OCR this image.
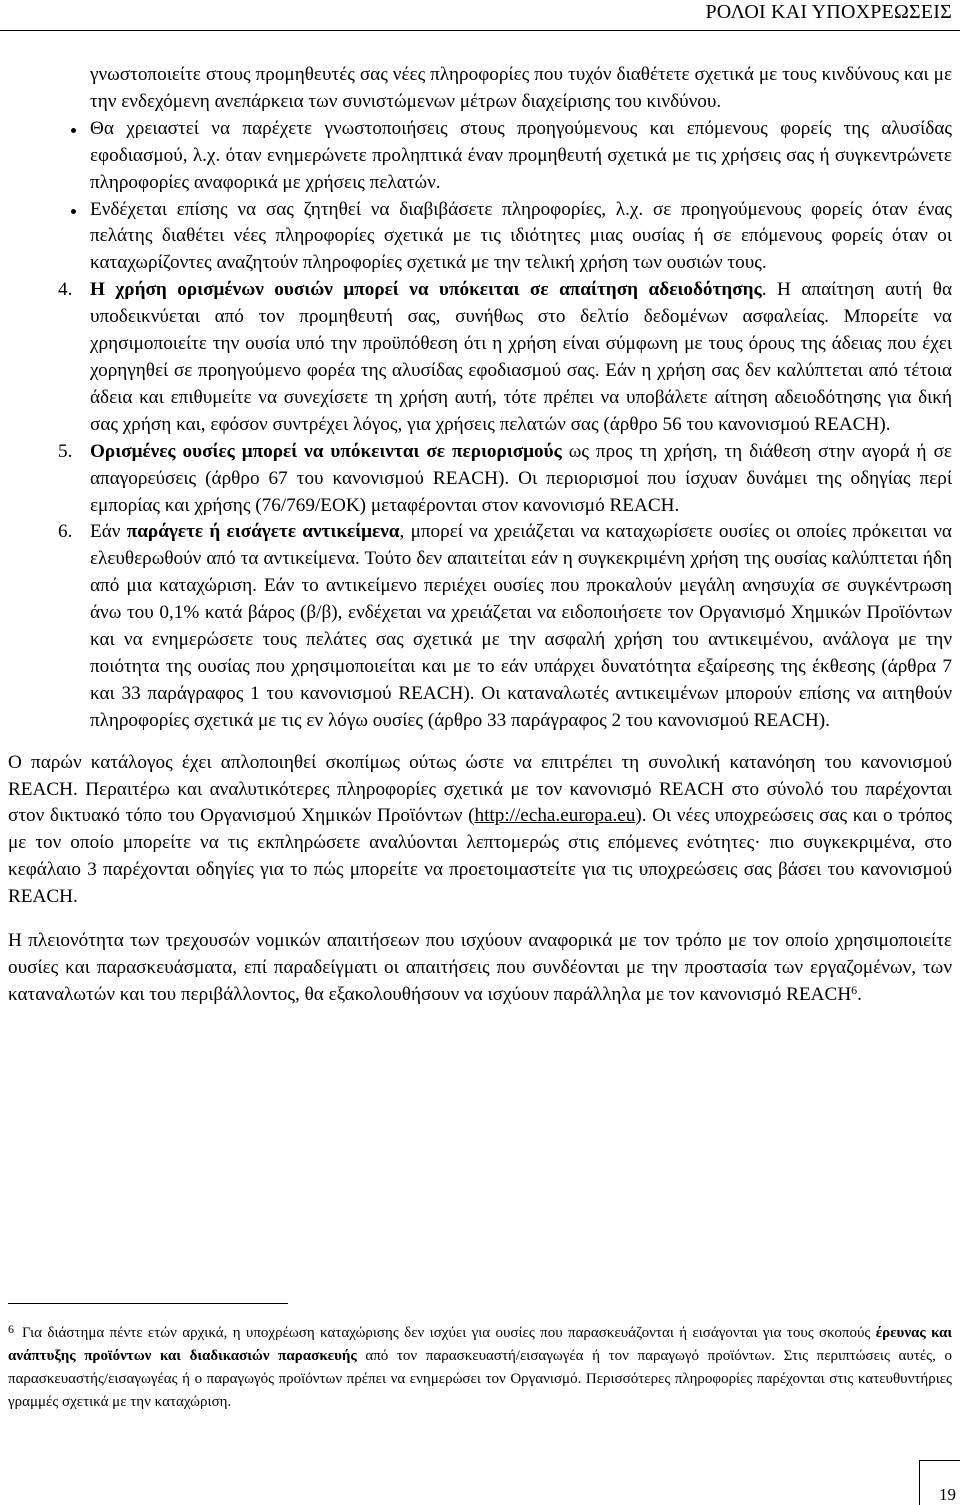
ΡΟΛΟΙ ΚΑΙ ΥΠΟΧΡΕΩΣΕΙΣ

γνωστοποιείτε στους προμηθευτές σας νέες πληροφορίες που τυχόν διαθέτετε σχετικά με τους κινδύνους και με την ενδεχόμενη ανεπάρκεια των συνιστώμενων μέτρων διαχείρισης του κινδύνου.

Θα χρειαστεί να παρέχετε γνωστοποιήσεις στους προηγούμενους και επόμενους φορείς της αλυσίδας εφοδιασμού, λ.χ. όταν ενημερώνετε προληπτικά έναν προμηθευτή σχετικά με τις χρήσεις σας ή συγκεντρώνετε πληροφορίες αναφορικά με χρήσεις πελατών.

Ενδέχεται επίσης να σας ζητηθεί να διαβιβάσετε πληροφορίες, λ.χ. σε προηγούμενους φορείς όταν ένας πελάτης διαθέτει νέες πληροφορίες σχετικά με τις ιδιότητες μιας ουσίας ή σε επόμενους φορείς όταν οι καταχωρίζοντες αναζητούν πληροφορίες σχετικά με την τελική χρήση των ουσιών τους.

4. Η χρήση ορισμένων ουσιών μπορεί να υπόκειται σε απαίτηση αδειοδότησης. Η απαίτηση αυτή θα υποδεικνύεται από τον προμηθευτή σας, συνήθως στο δελτίο δεδομένων ασφαλείας. Μπορείτε να χρησιμοποιείτε την ουσία υπό την προϋπόθεση ότι η χρήση είναι σύμφωνη με τους όρους της άδειας που έχει χορηγηθεί σε προηγούμενο φορέα της αλυσίδας εφοδιασμού σας. Εάν η χρήση σας δεν καλύπτεται από τέτοια άδεια και επιθυμείτε να συνεχίσετε τη χρήση αυτή, τότε πρέπει να υποβάλετε αίτηση αδειοδότησης για δική σας χρήση και, εφόσον συντρέχει λόγος, για χρήσεις πελατών σας (άρθρο 56 του κανονισμού REACH).

5. Ορισμένες ουσίες μπορεί να υπόκεινται σε περιορισμούς ως προς τη χρήση, τη διάθεση στην αγορά ή σε απαγορεύσεις (άρθρο 67 του κανονισμού REACH). Οι περιορισμοί που ίσχυαν δυνάμει της οδηγίας περί εμπορίας και χρήσης (76/769/ΕΟΚ) μεταφέρονται στον κανονισμό REACH.

6. Εάν παράγετε ή εισάγετε αντικείμενα, μπορεί να χρειάζεται να καταχωρίσετε ουσίες οι οποίες πρόκειται να ελευθερωθούν από τα αντικείμενα. Τούτο δεν απαιτείται εάν η συγκεκριμένη χρήση της ουσίας καλύπτεται ήδη από μια καταχώριση. Εάν το αντικείμενο περιέχει ουσίες που προκαλούν μεγάλη ανησυχία σε συγκέντρωση άνω του 0,1% κατά βάρος (β/β), ενδέχεται να χρειάζεται να ειδοποιήσετε τον Οργανισμό Χημικών Προϊόντων και να ενημερώσετε τους πελάτες σας σχετικά με την ασφαλή χρήση του αντικειμένου, ανάλογα με την ποιότητα της ουσίας που χρησιμοποιείται και με το εάν υπάρχει δυνατότητα εξαίρεσης της έκθεσης (άρθρα 7 και 33 παράγραφος 1 του κανονισμού REACH). Οι καταναλωτές αντικειμένων μπορούν επίσης να αιτηθούν πληροφορίες σχετικά με τις εν λόγω ουσίες (άρθρο 33 παράγραφος 2 του κανονισμού REACH).

Ο παρών κατάλογος έχει απλοποιηθεί σκοπίμως ούτως ώστε να επιτρέπει τη συνολική κατανόηση του κανονισμού REACH. Περαιτέρω και αναλυτικότερες πληροφορίες σχετικά με τον κανονισμό REACH στο σύνολό του παρέχονται στον δικτυακό τόπο του Οργανισμού Χημικών Προϊόντων (http://echa.europa.eu). Οι νέες υποχρεώσεις σας και ο τρόπος με τον οποίο μπορείτε να τις εκπληρώσετε αναλύονται λεπτομερώς στις επόμενες ενότητες· πιο συγκεκριμένα, στο κεφάλαιο 3 παρέχονται οδηγίες για το πώς μπορείτε να προετοιμαστείτε για τις υποχρεώσεις σας βάσει του κανονισμού REACH.

Η πλειονότητα των τρεχουσών νομικών απαιτήσεων που ισχύουν αναφορικά με τον τρόπο με τον οποίο χρησιμοποιείτε ουσίες και παρασκευάσματα, επί παραδείγματι οι απαιτήσεις που συνδέονται με την προστασία των εργαζομένων, των καταναλωτών και του περιβάλλοντος, θα εξακολουθήσουν να ισχύουν παράλληλα με τον κανονισμό REACH$^6$.

$^6$ Για διάστημα πέντε ετών αρχικά, η υποχρέωση καταχώρισης δεν ισχύει για ουσίες που παρασκευάζονται ή εισάγονται για τους σκοπούς έρευνας και ανάπτυξης προϊόντων και διαδικασιών παρασκευής από τον παρασκευαστή/εισαγωγέα ή τον παραγωγό προϊόντων. Στις περιπτώσεις αυτές, ο παρασκευαστής/εισαγωγέας ή ο παραγωγός προϊόντων πρέπει να ενημερώσει τον Οργανισμό. Περισσότερες πληροφορίες παρέχονται στις κατευθυντήριες γραμμές σχετικά με την καταχώριση.
19
